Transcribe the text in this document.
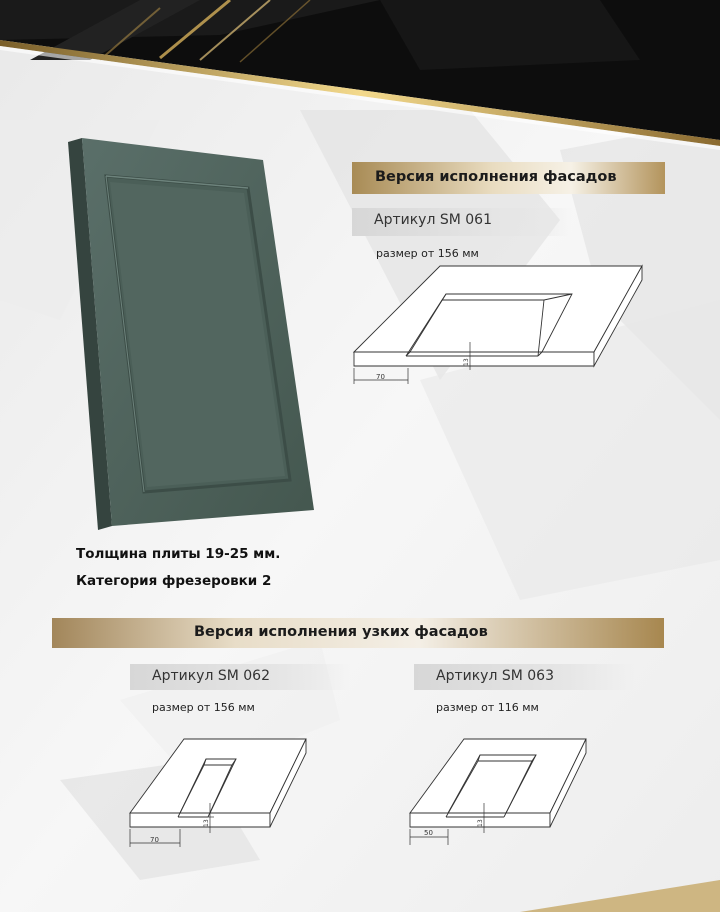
Версия исполнения фасадов
Артикул SM 061
размер от 156 мм
70
13
Толщина плиты 19-25 мм.
Категория фрезеровки 2
Версия исполнения узких фасадов
Артикул SM 062
размер от 156 мм
70
13
Артикул SM 063
размер от 116 мм
50
13
